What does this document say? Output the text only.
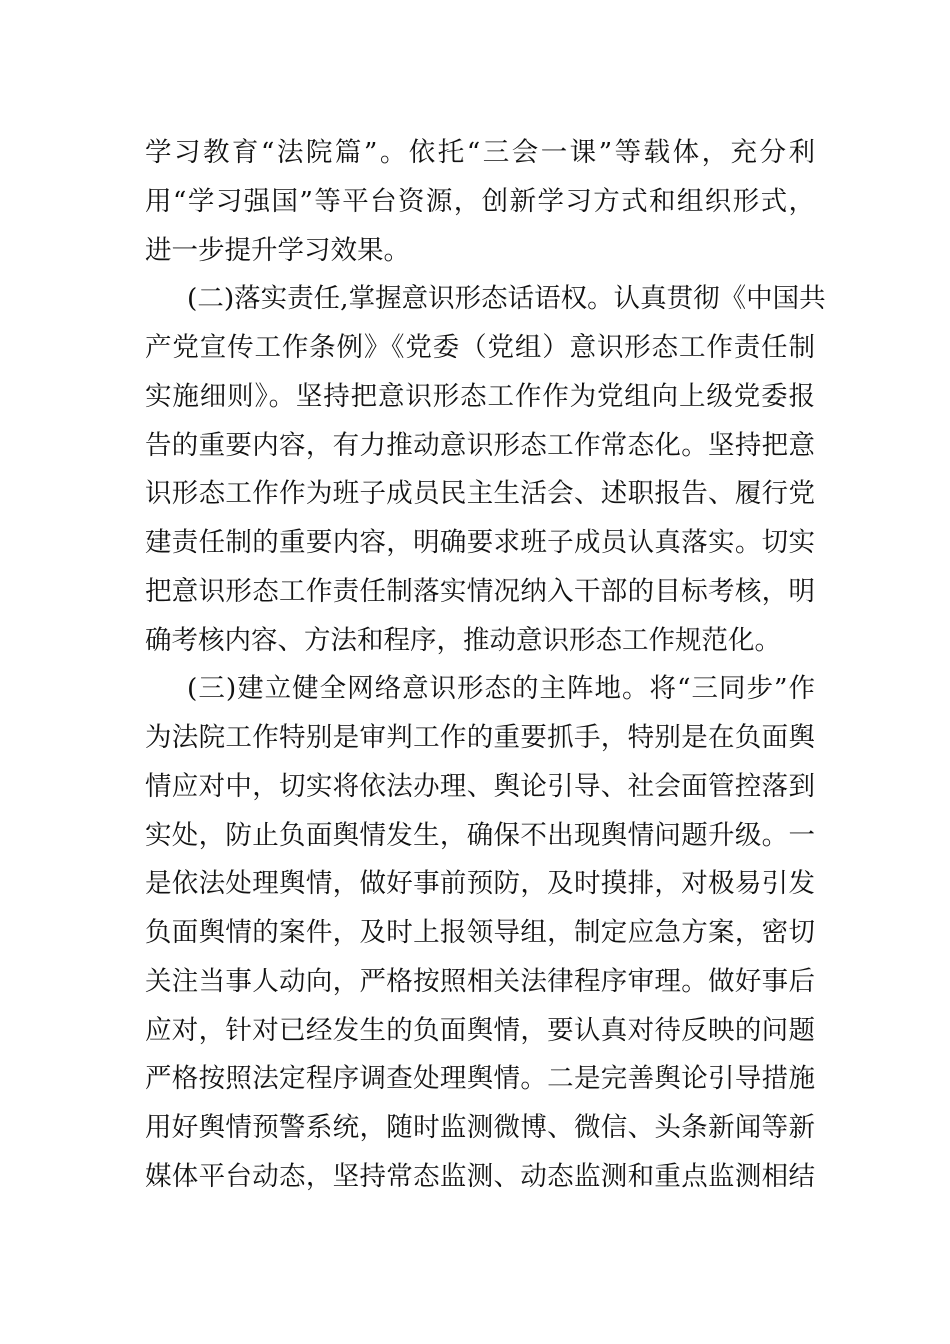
学习教育“法院篇”。依托“三会一课”等载体，充分利
用“学习强国”等平台资源，创新学习方式和组织形式，
进一步提升学习效果。
(二)落实责任,掌握意识形态话语权。认真贯彻《中国共
产党宣传工作条例》《党委（党组）意识形态工作责任制
实施细则》。坚持把意识形态工作作为党组向上级党委报
告的重要内容，有力推动意识形态工作常态化。坚持把意
识形态工作作为班子成员民主生活会、述职报告、履行党
建责任制的重要内容，明确要求班子成员认真落实。切实
把意识形态工作责任制落实情况纳入干部的目标考核，明
确考核内容、方法和程序，推动意识形态工作规范化。
(三)建立健全网络意识形态的主阵地。将“三同步”作
为法院工作特别是审判工作的重要抓手，特别是在负面舆
情应对中，切实将依法办理、舆论引导、社会面管控落到
实处，防止负面舆情发生，确保不出现舆情问题升级。一
是依法处理舆情，做好事前预防，及时摸排，对极易引发
负面舆情的案件，及时上报领导组，制定应急方案，密切
关注当事人动向，严格按照相关法律程序审理。做好事后
应对，针对已经发生的负面舆情，要认真对待反映的问题
严格按照法定程序调查处理舆情。二是完善舆论引导措施
用好舆情预警系统，随时监测微博、微信、头条新闻等新
媒体平台动态，坚持常态监测、动态监测和重点监测相结
